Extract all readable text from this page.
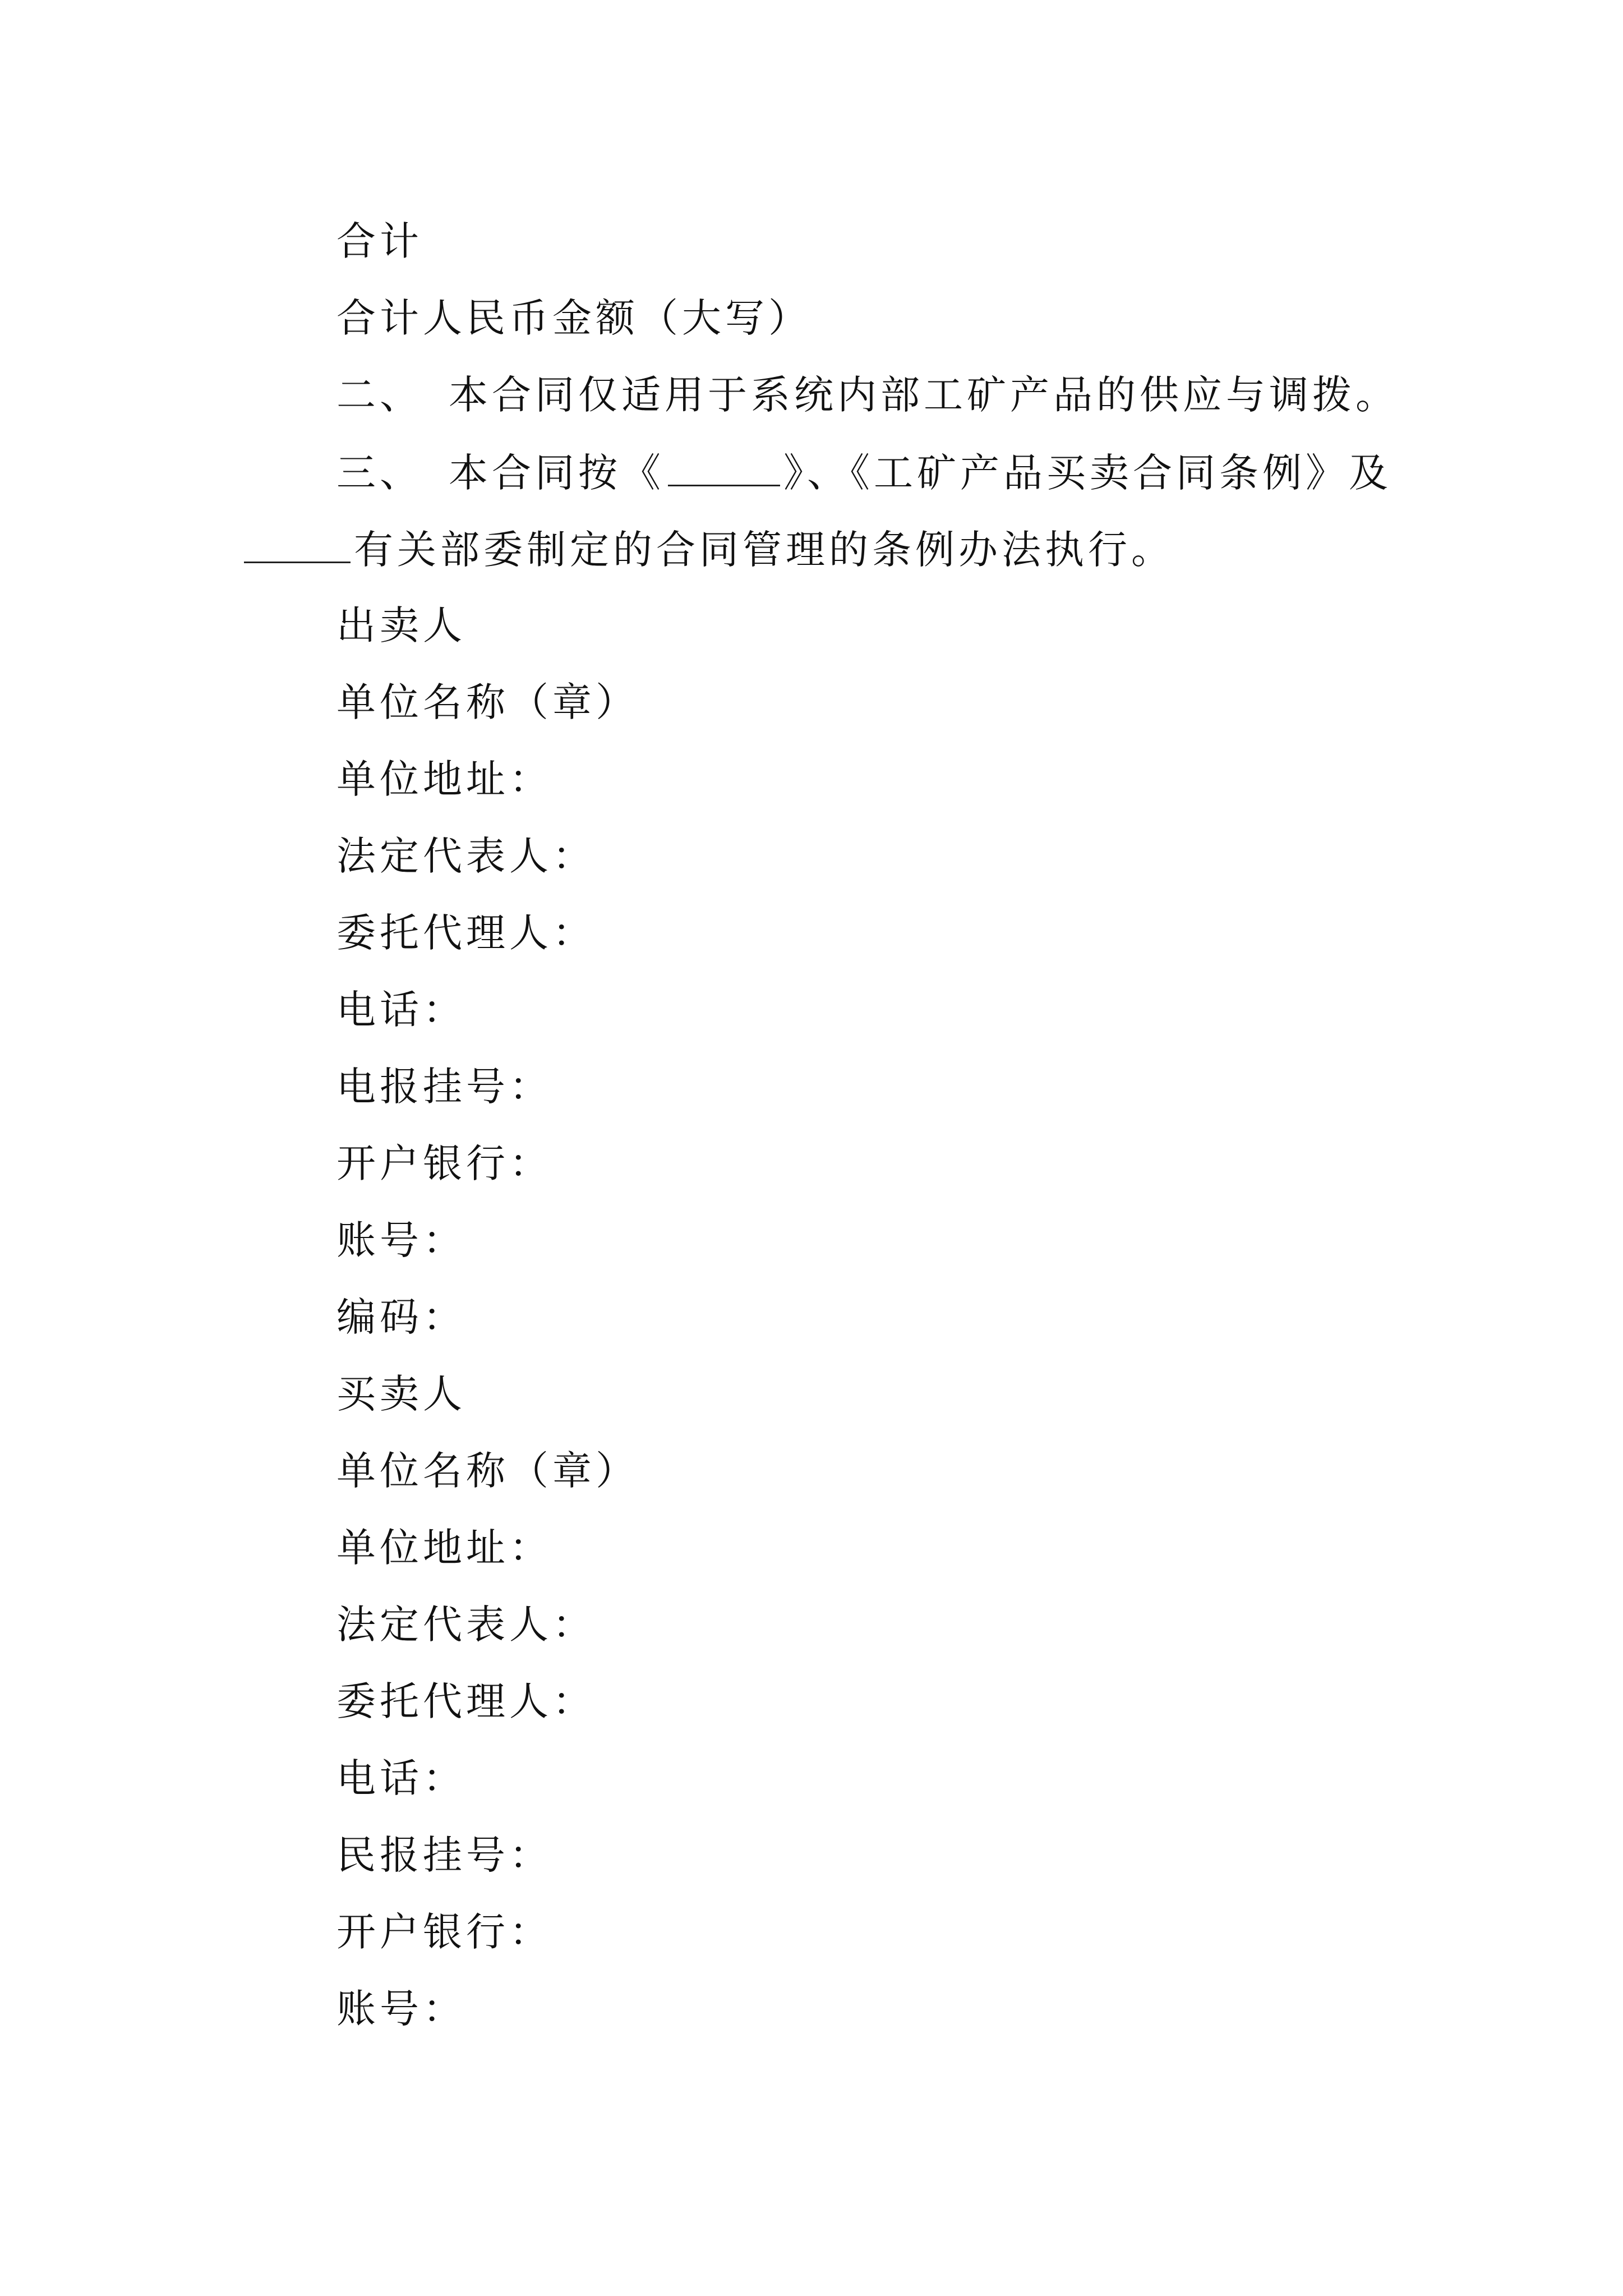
合计
合计人民币金额（大写）
二、 本合同仅适用于系统内部工矿产品的供应与调拨。
三、 本合同按《	》、《工矿产品买卖合同条例》及
有关部委制定的合同管理的条例办法执行。
出卖人
单位名称（章）
单位地址：
法定代表人：
委托代理人：
电话：
电报挂号：
开户银行：
账号：
编码：
买卖人
单位名称（章）
单位地址：
法定代表人：
委托代理人：
电话：
民报挂号：
开户银行：
账号：
